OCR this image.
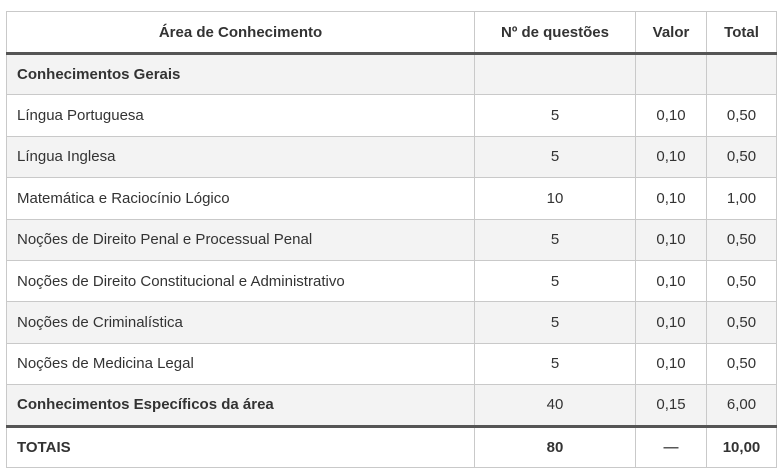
Área de Conhecimento	Nº de questões	Valor	Total
Conhecimentos Gerais			
Língua Portuguesa	5	0,10	0,50
Língua Inglesa	5	0,10	0,50
Matemática e Raciocínio Lógico	10	0,10	1,00
Noções de Direito Penal e Processual Penal	5	0,10	0,50
Noções de Direito Constitucional e Administrativo	5	0,10	0,50
Noções de Criminalística	5	0,10	0,50
Noções de Medicina Legal	5	0,10	0,50
Conhecimentos Específicos da área	40	0,15	6,00
TOTAIS	80	—	10,00
